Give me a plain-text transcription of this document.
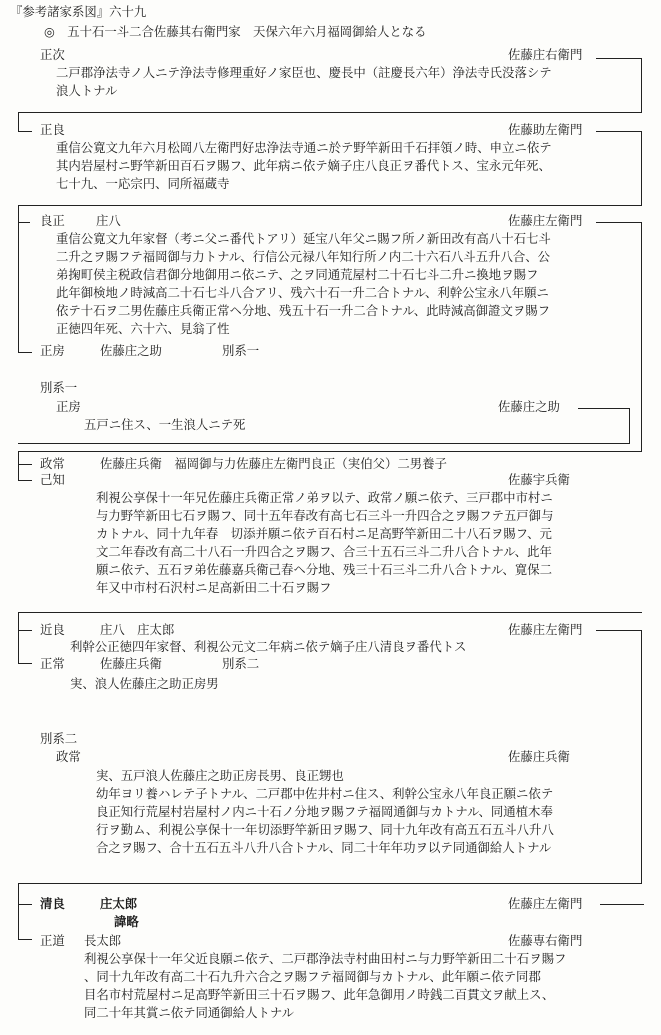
『参考諸家系図』六十九
◎　五十石一斗二合佐藤其右衛門家　天保六年六月福岡御給人となる
正次	佐藤庄右衛門
二戸郡浄法寺ノ人ニテ浄法寺修理重好ノ家臣也、慶長中（註慶長六年）浄法寺氏没落シテ
浪人トナル
正良	佐藤助左衛門
重信公寛文九年六月松岡八左衛門好忠浄法寺通ニ於テ野竿新田千石拝領ノ時、申立ニ依テ
其内岩屋村ニ野竿新田百石ヲ賜フ、此年病ニ依テ嫡子庄八良正ヲ番代トス、宝永元年死、
七十九、一応宗円、同所福蔵寺
良正	庄八	佐藤庄左衛門
重信公寛文九年家督（考ニ父ニ番代トアリ）延宝八年父ニ賜フ所ノ新田改有高八十石七斗
二升之ヲ賜フテ福岡御与力トナル、行信公元禄八年知行所ノ内二十六石八斗五升八合、公
弟掬町侯主税政信君御分地御用ニ依ニテ、之ヲ同通荒屋村二十石七斗二升ニ換地ヲ賜フ
此年御検地ノ時減高二十石七斗八合アリ、残六十石一升二合トナル、利幹公宝永八年願ニ
依テ十石ヲ二男佐藤庄兵衛正常ヘ分地、残五十石一升二合トナル、此時減高御證文ヲ賜フ
正徳四年死、六十六、見翁了性
正房	佐藤庄之助	別系一
別系一
正房	佐藤庄之助
五戸ニ住ス、一生浪人ニテ死
政常	佐藤庄兵衛　福岡御与力佐藤庄左衛門良正（実伯父）二男養子
己知	佐藤宇兵衛
利視公享保十一年兄佐藤庄兵衛正常ノ弟ヲ以テ、政常ノ願ニ依テ、三戸郡中市村ニ
与力野竿新田七石ヲ賜フ、同十五年春改有高七石三斗一升四合之ヲ賜フテ五戸御与
カトナル、同十九年春　切添并願ニ依テ百石村ニ足高野竿新田二十八石ヲ賜フ、元
文二年春改有高二十八石一升四合之ヲ賜フ、合三十五石三斗二升八合トナル、此年
願ニ依テ、五石ヲ弟佐藤嘉兵衛己春ヘ分地、残三十石三斗二升八合トナル、寛保二
年又中市村石沢村ニ足高新田二十石ヲ賜フ
近良	庄八　庄太郎	佐藤庄左衛門
利幹公正徳四年家督、利視公元文二年病ニ依テ嫡子庄八清良ヲ番代トス
正常	佐藤庄兵衛	別系二
実、浪人佐藤庄之助正房男
別系二
政常	佐藤庄兵衛
実、五戸浪人佐藤庄之助正房長男、良正甥也
幼年ヨリ養ハレテ子トナル、二戸郡中佐井村ニ住ス、利幹公宝永八年良正願ニ依テ
良正知行荒屋村岩屋村ノ内ニ十石ノ分地ヲ賜フテ福岡通御与カトナル、同通植木奉
行ヲ勤ム、利視公享保十一年切添野竿新田ヲ賜フ、同十九年改有高五石五斗八升八
合之ヲ賜フ、合十五石五斗八升八合トナル、同二十年年功ヲ以テ同通御給人トナル
清良	庄太郎	佐藤庄左衛門
諱略
正道 長太郎	佐藤専右衛門
利視公享保十一年父近良願ニ依テ、二戸郡浄法寺村曲田村ニ与力野竿新田二十石ヲ賜フ
、同十九年改有高二十石九升六合之ヲ賜フテ福岡御与カトナル、此年願ニ依テ同郡
目名市村荒屋村ニ足高野竿新田三十石ヲ賜フ、此年急御用ノ時銭二百貫文ヲ献上ス、
同二十年其賞ニ依テ同通御給人トナル
